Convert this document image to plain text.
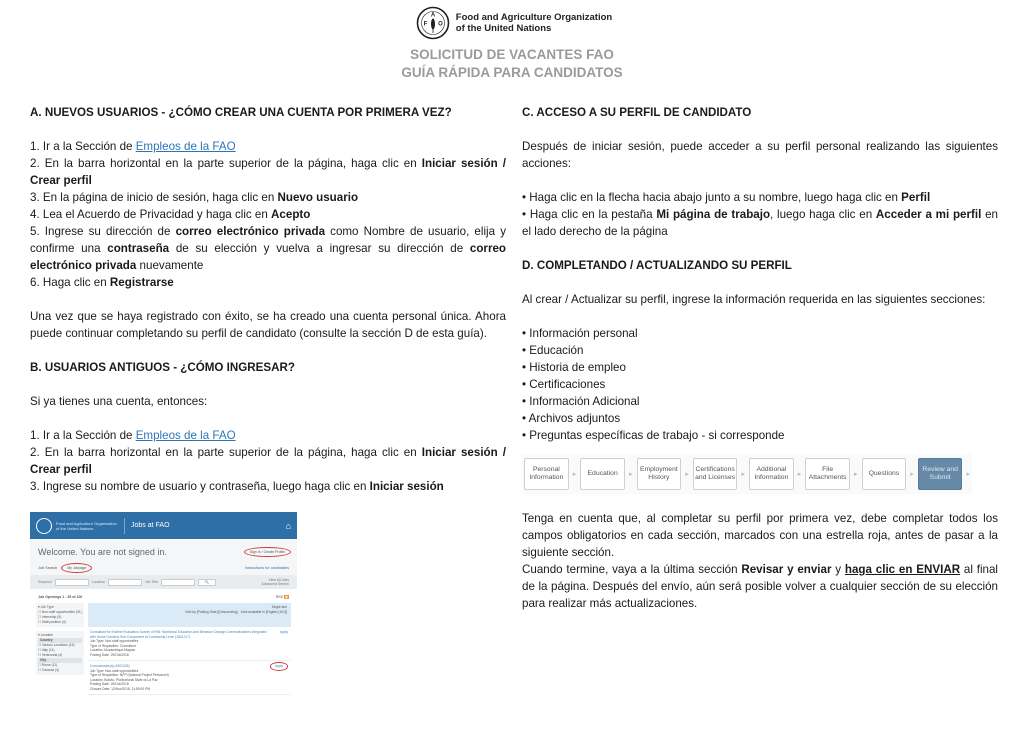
A
F O
Food and Agriculture Organization
of the United Nations
SOLICITUD DE VACANTES FAO
GUÍA RÁPIDA PARA CANDIDATOS

A. NUEVOS USUARIOS - ¿CÓMO CREAR UNA CUENTA POR PRIMERA VEZ?

1. Ir a la Sección de Empleos de la FAO

2. En la barra horizontal en la parte superior de la página, haga clic en Iniciar sesión / Crear perfil

3. En la página de inicio de sesión, haga clic en Nuevo usuario

4. Lea el Acuerdo de Privacidad y haga clic en Acepto

5. Ingrese su dirección de correo electrónico privada como Nombre de usuario, elija y confirme una contraseña de su elección y vuelva a ingresar su dirección de correo electrónico privada nuevamente

6. Haga clic en Registrarse

Una vez que se haya registrado con éxito, se ha creado una cuenta personal única. Ahora puede continuar completando su perfil de candidato (consulte la sección D de esta guía).

B. USUARIOS ANTIGUOS - ¿CÓMO INGRESAR?

Si ya tienes una cuenta, entonces:

1. Ir a la Sección de Empleos de la FAO

2. En la barra horizontal en la parte superior de la página, haga clic en Iniciar sesión / Crear perfil

3. Ingrese su nombre de usuario y contraseña, luego haga clic en Iniciar sesión

Food and Agriculture Organization of the United Nations	Jobs at FAO	⌂
Welcome. You are not signed in.	Sign In / Create Profile
Job Search	My Jobpage	Instructions for candidates
Keyword	Location	Job Title	🔍	View All Jobs
Advanced Search
Job Openings 1 - 25 of 100	RSS ◉
▾ Job Type
☐ Non-staff opportunities (91)
☐ Internship (5)
☐ Staff position (4)
▾ Location
Country
☐ Various Locations (16)
☐ Italy (11)
☐ Venezuela (4)
City
☐ Rome (11)
☐ Caracas (4)
Single-line
Sort by [Posting Date] [Descending]   Jobs available in [English (101)]
Consultant for Endline Evaluation Survey of RIN: Nutritional Education and Behavior Change Communications Integrated with Home Gardens Sub-Component at Community Level (1801217)
Job Type: Non-staff opportunities
Type of Requisition: Consultant
Location: Mozambique-Maputo
Posting Date: 29/Oct/2018
Apply
Comunicador(a) (1801225)
Job Type: Non-staff opportunities
Type of Requisition: NPP (National Project Personnel)
Location: Bolivia, Plurinational State of-La Paz
Posting Date: 29/Oct/2018
Closure Date: 12/Nov/2018, 11:59:00 PM
Apply

C. ACCESO A SU PERFIL DE CANDIDATO

Después de iniciar sesión, puede acceder a su perfil personal realizando las siguientes acciones:

• Haga clic en la flecha hacia abajo junto a su nombre, luego haga clic en Perfil

• Haga clic en la pestaña Mi página de trabajo, luego haga clic en Acceder a mi perfil en el lado derecho de la página

D. COMPLETANDO / ACTUALIZANDO SU PERFIL

Al crear / Actualizar su perfil, ingrese la información requerida en las siguientes secciones:

• Información personal

• Educación

• Historia de empleo

• Certificaciones

• Información Adicional

• Archivos adjuntos

• Preguntas específicas de trabajo - si corresponde

Personal Information	▸	Education	▸
Employment History	▸
Certifications and Licenses ▸
Additional Information	▸
File Attachments	▸	Questions	▸
Review and Submit	▸

Tenga en cuenta que, al completar su perfil por primera vez, debe completar todos los campos obligatorios en cada sección, marcados con una estrella roja, antes de pasar a la siguiente sección.

Cuando termine, vaya a la última sección Revisar y enviar y haga clic en ENVIAR al final de la página. Después del envío, aún será posible volver a cualquier sección de su elección para realizar más actualizaciones.
